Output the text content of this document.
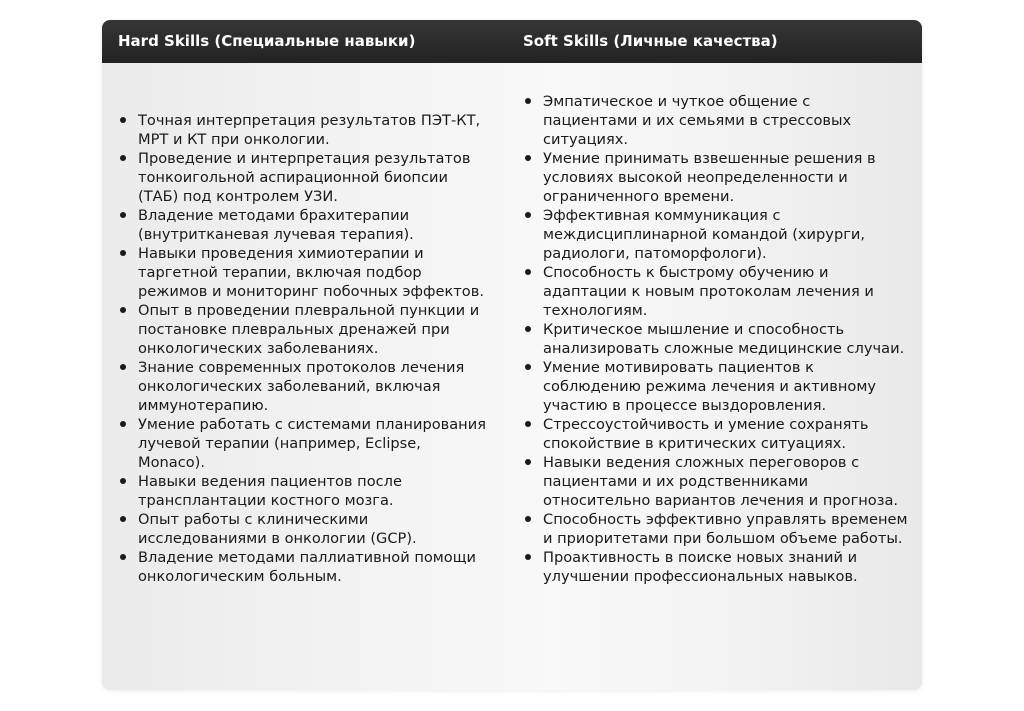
Hard Skills (Специальные навыки)	Soft Skills (Личные качества)
Точная интерпретация результатов ПЭТ-КТ, МРТ и КТ при онкологии.
Проведение и интерпретация результатов тонкоигольной аспирационной биопсии (ТАБ) под контролем УЗИ.
Владение методами брахитерапии (внутритканевая лучевая терапия).
Навыки проведения химиотерапии и таргетной терапии, включая подбор режимов и мониторинг побочных эффектов.
Опыт в проведении плевральной пункции и постановке плевральных дренажей при онкологических заболеваниях.
Знание современных протоколов лечения онкологических заболеваний, включая иммунотерапию.
Умение работать с системами планирования лучевой терапии (например, Eclipse, Monaco).
Навыки ведения пациентов после трансплантации костного мозга.
Опыт работы с клиническими исследованиями в онкологии (GCP).
Владение методами паллиативной помощи онкологическим больным.
Эмпатическое и чуткое общение с пациентами и их семьями в стрессовых ситуациях.
Умение принимать взвешенные решения в условиях высокой неопределенности и ограниченного времени.
Эффективная коммуникация с междисциплинарной командой (хирурги, радиологи, патоморфологи).
Способность к быстрому обучению и адаптации к новым протоколам лечения и технологиям.
Критическое мышление и способность анализировать сложные медицинские случаи.
Умение мотивировать пациентов к соблюдению режима лечения и активному участию в процессе выздоровления.
Стрессоустойчивость и умение сохранять спокойствие в критических ситуациях.
Навыки ведения сложных переговоров с пациентами и их родственниками относительно вариантов лечения и прогноза.
Способность эффективно управлять временем и приоритетами при большом объеме работы.
Проактивность в поиске новых знаний и улучшении профессиональных навыков.
